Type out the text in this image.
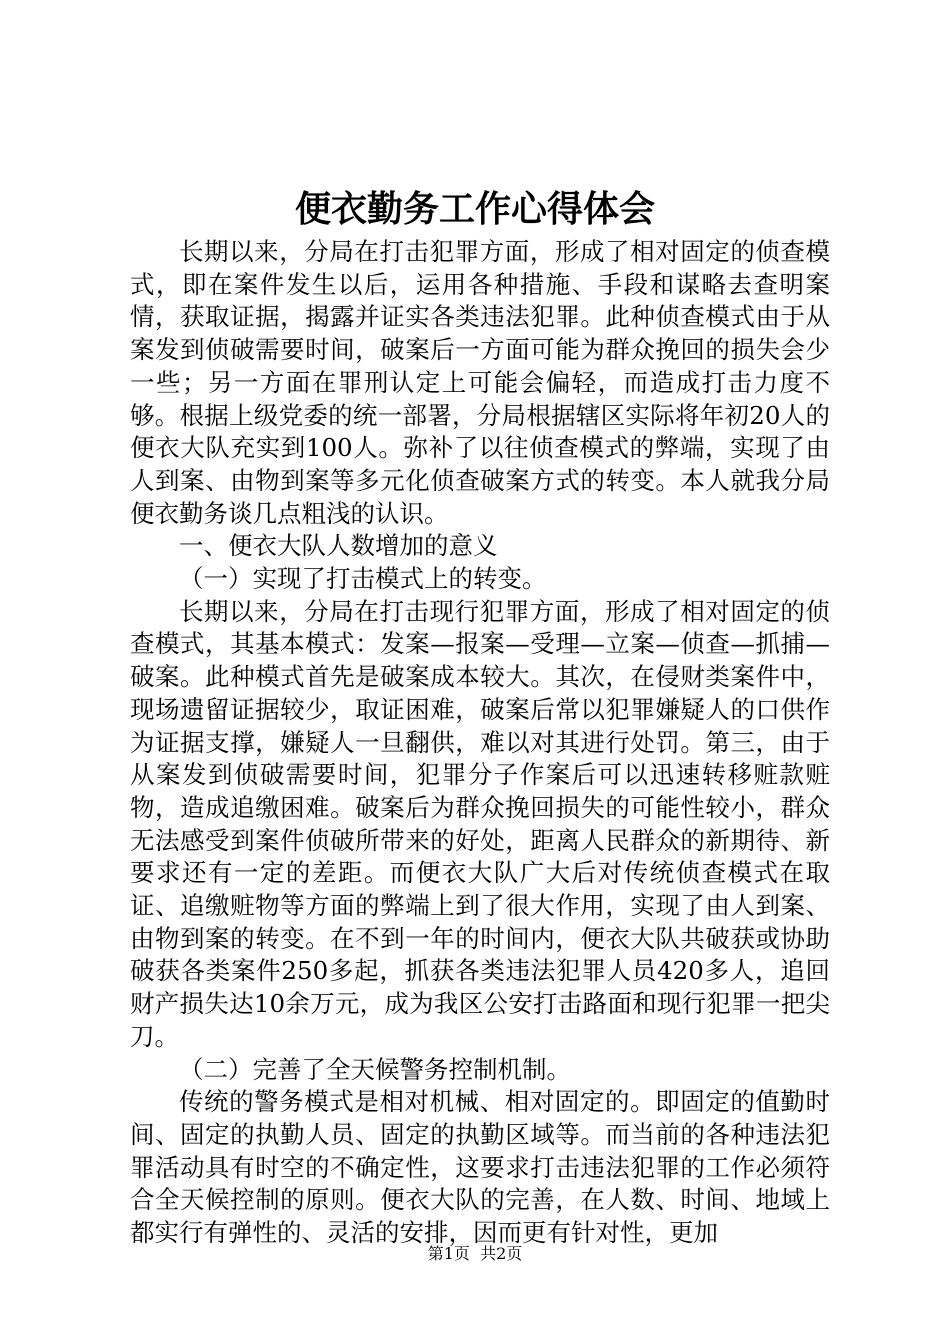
便衣勤务工作心得体会

长期以来，分局在打击犯罪方面，形成了相对固定的侦查模式，即在案件发生以后，运用各种措施、手段和谋略去查明案情，获取证据，揭露并证实各类违法犯罪。此种侦查模式由于从案发到侦破需要时间，破案后一方面可能为群众挽回的损失会少一些；另一方面在罪刑认定上可能会偏轻，而造成打击力度不够。根据上级党委的统一部署，分局根据辖区实际将年初20人的便衣大队充实到100人。弥补了以往侦查模式的弊端，实现了由人到案、由物到案等多元化侦查破案方式的转变。本人就我分局便衣勤务谈几点粗浅的认识。

一、便衣大队人数增加的意义

（一）实现了打击模式上的转变。

长期以来，分局在打击现行犯罪方面，形成了相对固定的侦查模式，其基本模式：发案—报案—受理—立案—侦查—抓捕—破案。此种模式首先是破案成本较大。其次，在侵财类案件中，现场遗留证据较少，取证困难，破案后常以犯罪嫌疑人的口供作为证据支撑，嫌疑人一旦翻供，难以对其进行处罚。第三，由于从案发到侦破需要时间，犯罪分子作案后可以迅速转移赃款赃物，造成追缴困难。破案后为群众挽回损失的可能性较小，群众无法感受到案件侦破所带来的好处，距离人民群众的新期待、新要求还有一定的差距。而便衣大队广大后对传统侦查模式在取证、追缴赃物等方面的弊端上到了很大作用，实现了由人到案、由物到案的转变。在不到一年的时间内，便衣大队共破获或协助破获各类案件250多起，抓获各类违法犯罪人员420多人，追回财产损失达10余万元，成为我区公安打击路面和现行犯罪一把尖刀。

（二）完善了全天候警务控制机制。

传统的警务模式是相对机械、相对固定的。即固定的值勤时间、固定的执勤人员、固定的执勤区域等。而当前的各种违法犯罪活动具有时空的不确定性，这要求打击违法犯罪的工作必须符合全天候控制的原则。便衣大队的完善，在人数、时间、地域上都实行有弹性的、灵活的安排，因而更有针对性，更加

第1页 共2页
